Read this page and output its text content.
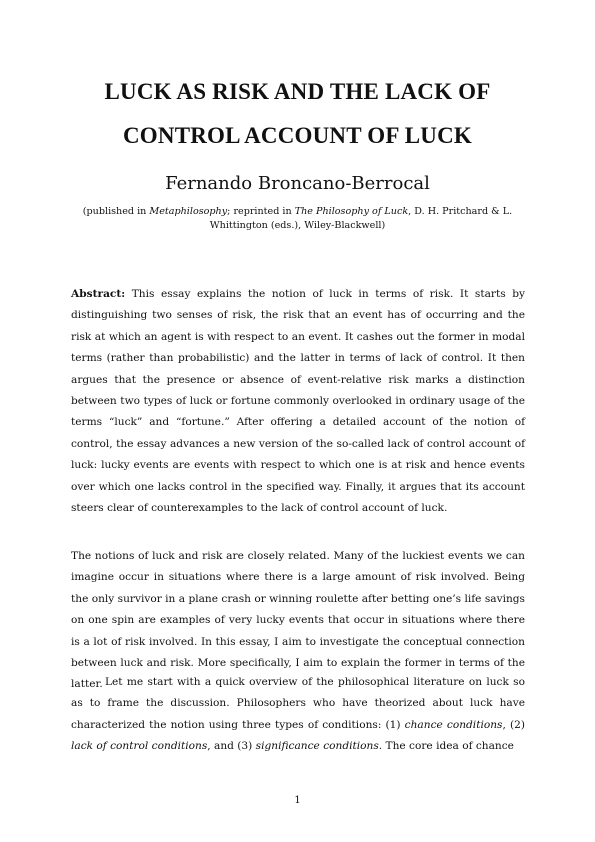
LUCK AS RISK AND THE LACK OF
CONTROL ACCOUNT OF LUCK
Fernando Broncano-Berrocal
(published in Metaphilosophy; reprinted in The Philosophy of Luck, D. H. Pritchard & L. Whittington (eds.), Wiley-Blackwell)

Abstract: This essay explains the notion of luck in terms of risk. It starts by distinguishing two senses of risk, the risk that an event has of occurring and the risk at which an agent is with respect to an event. It cashes out the former in modal terms (rather than probabilistic) and the latter in terms of lack of control. It then argues that the presence or absence of event-relative risk marks a distinction between two types of luck or fortune commonly overlooked in ordinary usage of the terms “luck” and “fortune.” After offering a detailed account of the notion of control, the essay advances a new version of the so-called lack of control account of luck: lucky events are events with respect to which one is at risk and hence events over which one lacks control in the specified way. Finally, it argues that its account steers clear of counterexamples to the lack of control account of luck.

The notions of luck and risk are closely related. Many of the luckiest events we can imagine occur in situations where there is a large amount of risk involved. Being the only survivor in a plane crash or winning roulette after betting one’s life savings on one spin are examples of very lucky events that occur in situations where there is a lot of risk involved. In this essay, I aim to investigate the conceptual connection between luck and risk. More specifically, I aim to explain the former in terms of the latter. Let me start with a quick overview of the philosophical literature on luck so as to frame the discussion. Philosophers who have theorized about luck have characterized the notion using three types of conditions: (1) chance conditions, (2) lack of control conditions, and (3) significance conditions. The core idea of chance

1
